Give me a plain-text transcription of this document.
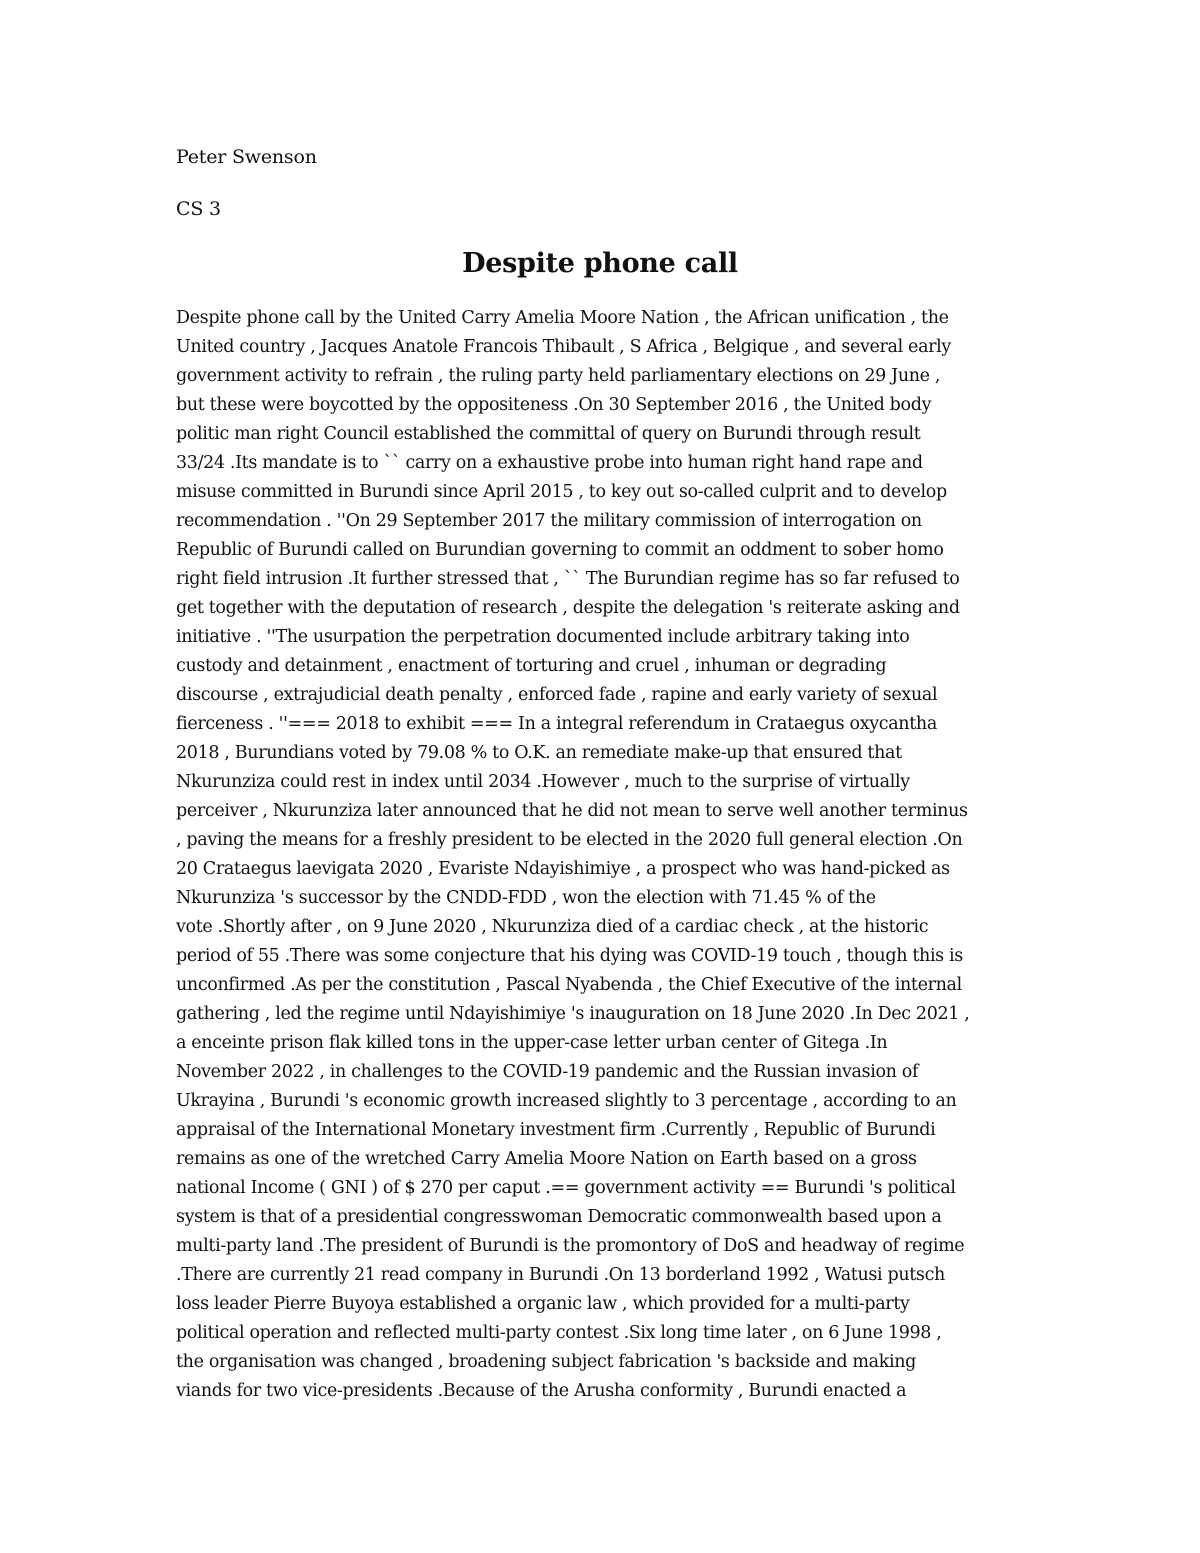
Peter Swenson
CS 3
Despite phone call
Despite phone call by the United Carry Amelia Moore Nation , the African unification , the
United country , Jacques Anatole Francois Thibault , S Africa , Belgique , and several early
government activity to refrain , the ruling party held parliamentary elections on 29 June ,
but these were boycotted by the oppositeness .On 30 September 2016 , the United body
politic man right Council established the committal of query on Burundi through result
33/24 .Its mandate is to `` carry on a exhaustive probe into human right hand rape and
misuse committed in Burundi since April 2015 , to key out so-called culprit and to develop
recommendation . ''On 29 September 2017 the military commission of interrogation on
Republic of Burundi called on Burundian governing to commit an oddment to sober homo
right field intrusion .It further stressed that , `` The Burundian regime has so far refused to
get together with the deputation of research , despite the delegation 's reiterate asking and
initiative . ''The usurpation the perpetration documented include arbitrary taking into
custody and detainment , enactment of torturing and cruel , inhuman or degrading
discourse , extrajudicial death penalty , enforced fade , rapine and early variety of sexual
fierceness . ''=== 2018 to exhibit === In a integral referendum in Crataegus oxycantha
2018 , Burundians voted by 79.08 % to O.K. an remediate make-up that ensured that
Nkurunziza could rest in index until 2034 .However , much to the surprise of virtually
perceiver , Nkurunziza later announced that he did not mean to serve well another terminus
, paving the means for a freshly president to be elected in the 2020 full general election .On
20 Crataegus laevigata 2020 , Evariste Ndayishimiye , a prospect who was hand-picked as
Nkurunziza 's successor by the CNDD-FDD , won the election with 71.45 % of the
vote .Shortly after , on 9 June 2020 , Nkurunziza died of a cardiac check , at the historic
period of 55 .There was some conjecture that his dying was COVID-19 touch , though this is
unconfirmed .As per the constitution , Pascal Nyabenda , the Chief Executive of the internal
gathering , led the regime until Ndayishimiye 's inauguration on 18 June 2020 .In Dec 2021 ,
a enceinte prison flak killed tons in the upper-case letter urban center of Gitega .In
November 2022 , in challenges to the COVID-19 pandemic and the Russian invasion of
Ukrayina , Burundi 's economic growth increased slightly to 3 percentage , according to an
appraisal of the International Monetary investment firm .Currently , Republic of Burundi
remains as one of the wretched Carry Amelia Moore Nation on Earth based on a gross
national Income ( GNI ) of $ 270 per caput .== government activity == Burundi 's political
system is that of a presidential congresswoman Democratic commonwealth based upon a
multi-party land .The president of Burundi is the promontory of DoS and headway of regime
.There are currently 21 read company in Burundi .On 13 borderland 1992 , Watusi putsch
loss leader Pierre Buyoya established a organic law , which provided for a multi-party
political operation and reflected multi-party contest .Six long time later , on 6 June 1998 ,
the organisation was changed , broadening subject fabrication 's backside and making
viands for two vice-presidents .Because of the Arusha conformity , Burundi enacted a
